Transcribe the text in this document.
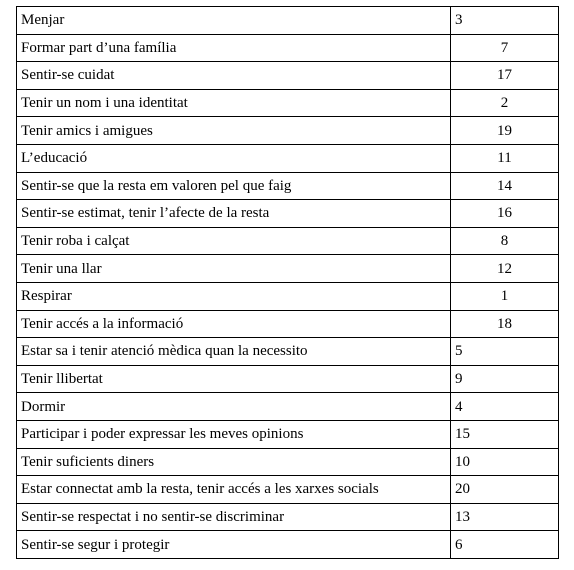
Menjar	3
Formar part d’una família	7
Sentir-se cuidat	17
Tenir un nom i una identitat	2
Tenir amics i amigues	19
L’educació	11
Sentir-se que la resta em valoren pel que faig	14
Sentir-se estimat, tenir l’afecte de la resta	16
Tenir roba i calçat	8
Tenir una llar	12
Respirar	1
Tenir accés a la informació	18
Estar sa i tenir atenció mèdica quan la necessito	5
Tenir llibertat	9
Dormir	4
Participar i poder expressar les meves opinions	15
Tenir suficients diners	10
Estar connectat amb la resta, tenir accés a les xarxes socials	20
Sentir-se respectat i no sentir-se discriminar	13
Sentir-se segur i protegir	6
